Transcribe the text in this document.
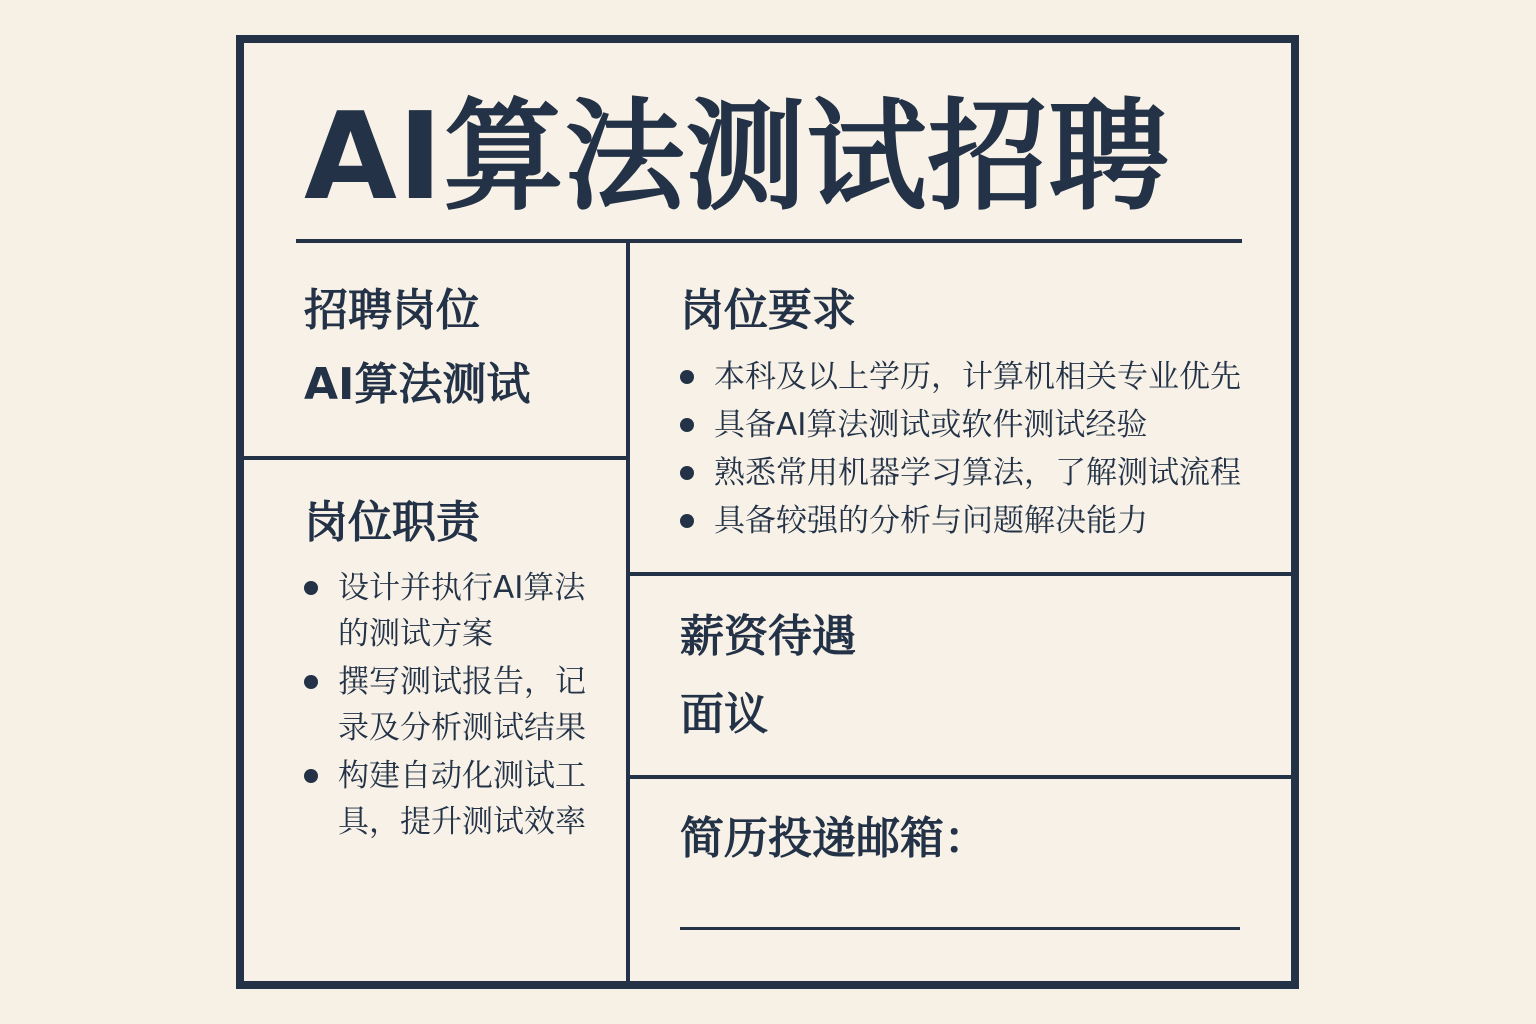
AI算法测试招聘
招聘岗位
AI算法测试
岗位职责
设计并执行AI算法的测试方案
撰写测试报告，记录及分析测试结果
构建自动化测试工具，提升测试效率
岗位要求
本科及以上学历，计算机相关专业优先
具备AI算法测试或软件测试经验
熟悉常用机器学习算法，了解测试流程
具备较强的分析与问题解决能力
薪资待遇
面议
简历投递邮箱：
